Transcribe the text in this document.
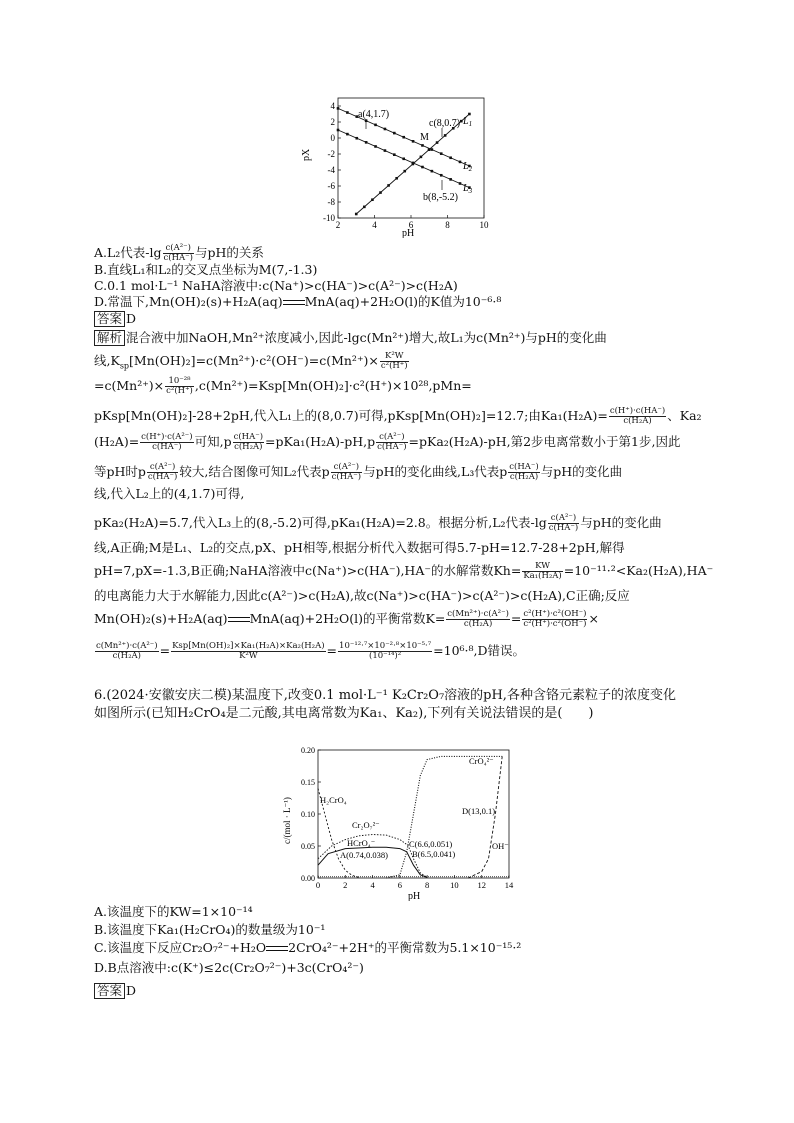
4
2
0
-2
-4
-6
-8
-10
2	4	6	8	10
pX
pH
a(4,1.7)
c(8,0.7)
M
b(8,-5.2)
$L_1$
$L_2$
$L_3$
A.L₂代表$-\lg \frac{\text{c(A²⁻)}}{c(HA^-)}$ 与pH的关系
B.直线L₁和L₂的交叉点坐标为M(7,-1.3)
C.0.1 mol·L⁻¹ NaHA溶液中:c(Na⁺)>c(HA⁻)>c(A²⁻)>c(H₂A)
D.常温下,Mn(OH)₂(s)+H₂A(aq) MnA(aq)+2H₂O(l)的K值为10⁻⁶·⁸
答案 D
解析 混合液中加NaOH,Mn²⁺浓度减小,因此-lgc(Mn²⁺)增大,故L₁为c(Mn²⁺)与pH的变化曲
线$,K_{sp}[Mn(OH)_2]=c(Mn^{2+})\cdot c^2(OH^-)=c(Mn^{2+})\times \frac{\text{K²W}}{\text{c²(H⁺)}}$
$=c(Mn^{2+})\times \frac{\text{10⁻²⁸}}{\text{c²(H⁺)}} ,c(Mn^{2+})=Ksp[Mn(OH)_2]\cdot c^2(H^+)\times 10^{28},pMn=$
pKsp[Mn(OH)₂]-28+2pH,代入L₁上的(8,0.7)可得,pKsp[Mn(OH)₂]=12.7;由$Ka_1(H_2A)= \frac{c(H^+)\cdot c(HA^-)}{\text{c(H₂A)}}$ 、Ka₂
$(H_2A)= \frac{\text{c(H⁺)·c(A²⁻)}}{c(HA^-)}$ 可知$,p \frac{c(HA^-)}{\text{c(H₂A)}} =pKa_1(H_2A)-pH,p \frac{\text{c(A²⁻)}}{c(HA^-)} =pKa_2(H_2A)-pH$,第2步电离常数小于第1步,因此
等pH时p $\frac{\text{c(A²⁻)}}{c(HA^-)}$ 较大,结合图像可知L₂代表p $\frac{\text{c(A²⁻)}}{c(HA^-)}$ 与pH的变化曲线,L₃代表p $\frac{c(HA^-)}{\text{c(H₂A)}}$ 与pH的变化曲
线,代入L₂上的(4,1.7)可得,
pKa₂(H₂A)=5.7,代入L₃上的(8,-5.2)可得,pKa₁(H₂A)=2.8。根据分析,L₂代表$-\lg \frac{\text{c(A²⁻)}}{c(HA^-)}$ 与pH的变化曲
线,A正确;M是L₁、L₂的交点,pX、pH相等,根据分析代入数据可得5.7-pH=12.7-28+2pH,解得
pH=7,pX=-1.3,B正确;NaHA溶液中c(Na⁺)>c(HA⁻),HA⁻的水解常数$Kh= \frac{KW}{\text{Ka₁(H₂A)}} =10^{-11}\cdot^2<Ka_2(H_2A),HA^-$
的电离能力大于水解能力,因此c(A²⁻)>c(H₂A),故c(Na⁺)>c(HA⁻)>c(A²⁻)>c(H₂A),C正确;反应
Mn(OH)₂(s)+H₂A(aq) MnA(aq)+2H₂O(l)的平衡常数$K= \frac{\text{c(Mn²⁺)·c(A²⁻)}}{\text{c(H₂A)}} = \frac{\text{c²(H⁺)·c²(OH⁻)}}{\text{c²(H⁺)·c²(OH⁻)}}$ ×
$\frac{\text{c(Mn²⁺)·c(A²⁻)}}{\text{c(H₂A)}} = \frac{\text{Ksp[Mn(OH)₂]×Ka₁(H₂A)×Ka₂(H₂A)}}{\text{K²W}} = \frac{\text{10⁻¹²·⁷×10⁻²·⁸×10⁻⁵·⁷}}{\text{(10⁻¹⁴)²}} =10^6\cdot^8,D$错误。
6.(2024·安徽安庆二模)某温度下,改变0.1 mol·L⁻¹ K₂Cr₂O₇溶液的pH,各种含铬元素粒子的浓度变化
如图所示(已知H₂CrO₄是二元酸,其电离常数为Ka₁、Ka₂),下列有关说法错误的是(　　)
0.20
0.15
0.10
0.05
0.00
0	2	4	6	8 10 12 14
c/(mol · L⁻¹)
pH
H₂CrO₄
Cr₂O₇²⁻
HCrO₄⁻
CrO₄²⁻
OH⁻
A(0.74,0.038)	B(6.5,0.041)
C(6.6,0.051)
D(13,0.1)
A.该温度下的KW=1×10⁻¹⁴
B.该温度下Ka₁(H₂CrO₄)的数量级为10⁻¹
C.该温度下反应Cr₂O₇²⁻+H₂O 2CrO₄²⁻+2H⁺的平衡常数为5.1×10⁻¹⁵·²
D.B点溶液中:c(K⁺)≤2c(Cr₂O₇²⁻)+3c(CrO₄²⁻)
答案 D
